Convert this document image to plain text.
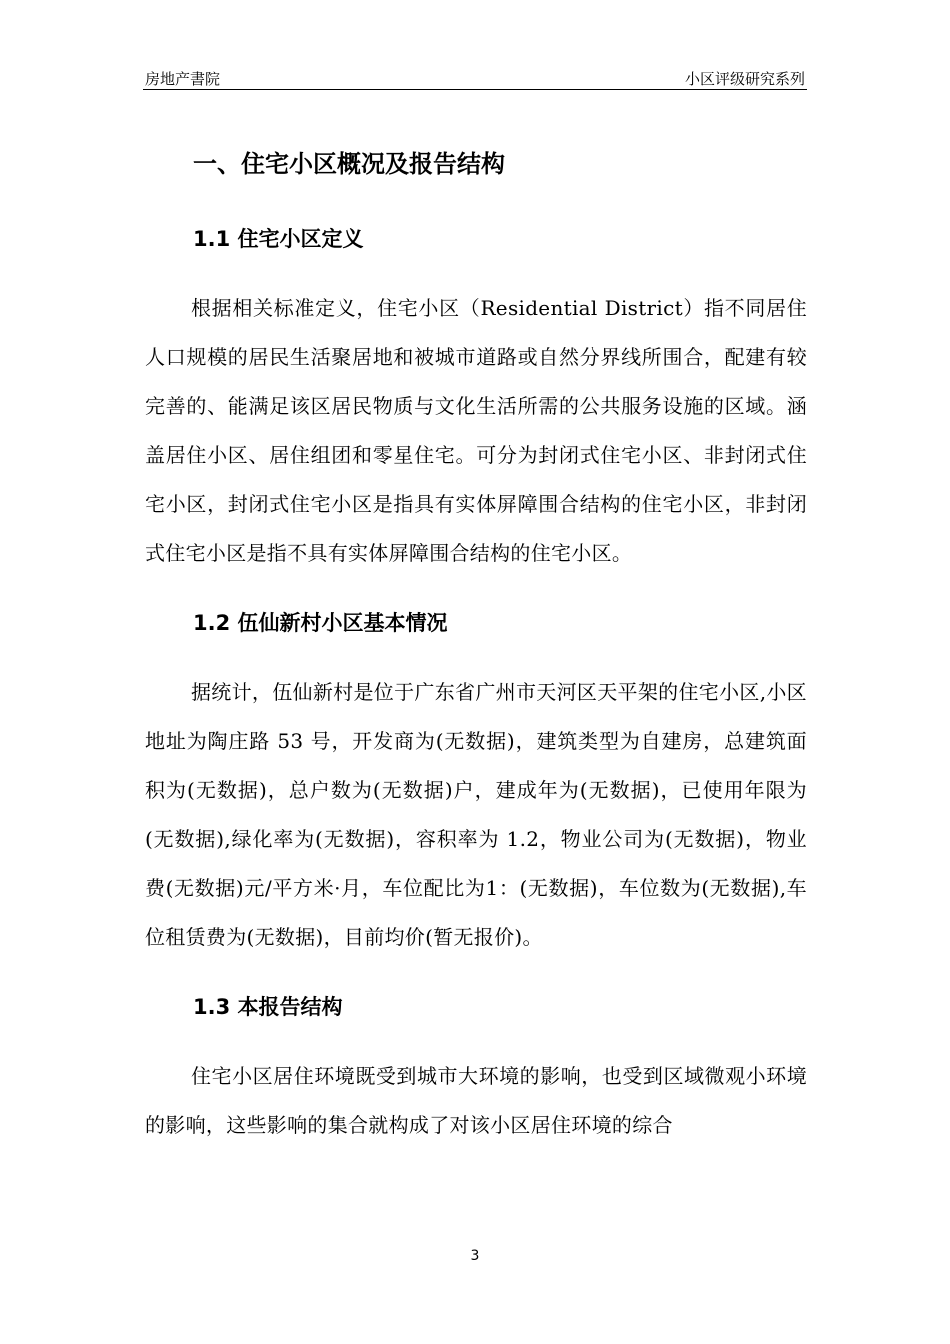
房地产書院	小区评级研究系列
一、住宅小区概况及报告结构
1.1 住宅小区定义

根据相关标准定义，住宅小区（Residential District）指不同居住人口规模的居民生活聚居地和被城市道路或自然分界线所围合，配建有较完善的、能满足该区居民物质与文化生活所需的公共服务设施的区域。涵盖居住小区、居住组团和零星住宅。可分为封闭式住宅小区、非封闭式住宅小区，封闭式住宅小区是指具有实体屏障围合结构的住宅小区，非封闭式住宅小区是指不具有实体屏障围合结构的住宅小区。

1.2 伍仙新村小区基本情况

据统计，伍仙新村是位于广东省广州市天河区天平架的住宅小区,小区地址为陶庄路 53 号，开发商为(无数据)，建筑类型为自建房，总建筑面积为(无数据)，总户数为(无数据)户，建成年为(无数据)，已使用年限为(无数据),绿化率为(无数据)，容积率为 1.2，物业公司为(无数据)，物业费(无数据)元/平方米·月，车位配比为1：(无数据)，车位数为(无数据),车位租赁费为(无数据)，目前均价(暂无报价)。

1.3 本报告结构

住宅小区居住环境既受到城市大环境的影响，也受到区域微观小环境的影响，这些影响的集合就构成了对该小区居住环境的综合

3
